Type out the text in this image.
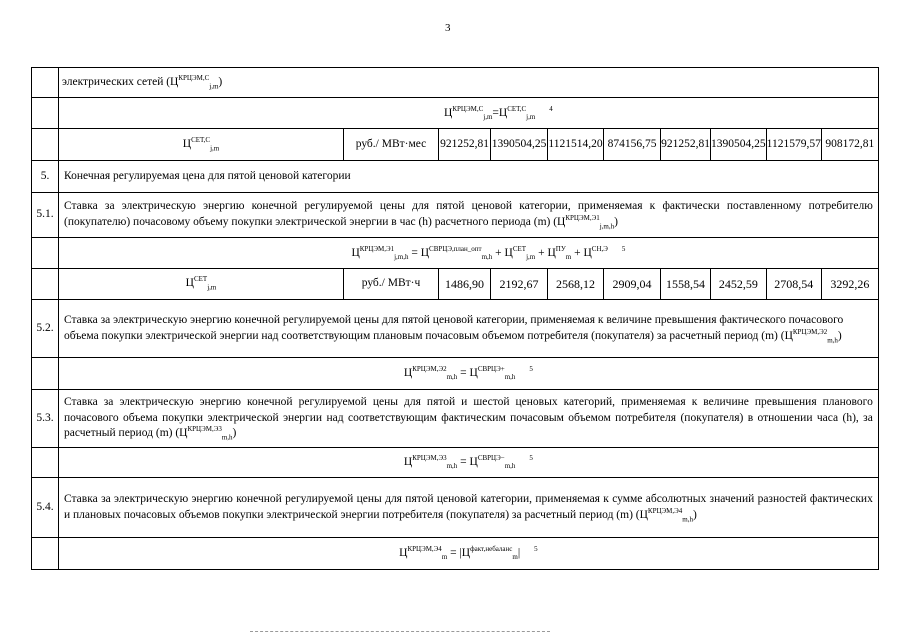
3
	электрических сетей $(Ц^{КРЦЭМ,С}_{j,m})$									
	$Ц^{КРЦЭМ,С}_{j,m}=Ц^{СЕТ,С}_{j,m}^4$
	$Ц^{СЕТ,С}_{j,m}$	руб./ МВт·мес	921252,81	1390504,25	1121514,20	874156,75	921252,81	1390504,25	1121579,57	908172,81
5.	Конечная регулируемая цена для пятой ценовой категории									
5.1.	Ставка за электрическую энергию конечной регулируемой цены для пятой ценовой категории, применяемая к фактически поставленному потребителю (покупателю) почасовому объему покупки электрической энергии в час (h) расчетного периода (m) $(Ц^{КРЦЭМ,Э1}_{j,m,h})$									
	$Ц^{КРЦЭМ,Э1}_{j,m,h} = Ц^{СВРЦЭ,план\_опт}_{m,h} + Ц^{СЕТ}_{j,m} + Ц^{ПУ}_m + Ц^{СН,Э}$ $^5$
	$Ц^{СЕТ}_{j,m}$	руб./ МВт·ч	1486,90	2192,67	2568,12	2909,04	1558,54	2452,59	2708,54	3292,26
5.2.	Ставка за электрическую энергию конечной регулируемой цены для пятой ценовой категории, применяемая к величине превышения фактического почасового объема покупки электрической энергии над соответствующим плановым почасовым объемом потребителя (покупателя) за расчетный период (m) $(Ц^{КРЦЭМ,Э2}_{m,h})$									
	$Ц^{КРЦЭМ,Э2}_{m,h} = Ц^{СВРЦЭ+}_{m,h}^5$
5.3.	Ставка за электрическую энергию конечной регулируемой цены для пятой и шестой ценовых категорий, применяемая к величине превышения планового почасового объема покупки электрической энергии над соответствующим фактическим почасовым объемом потребителя (покупателя) в отношении часа (h), за расчетный период (m) $(Ц^{КРЦЭМ,Э3}_{m,h})$									
	$Ц^{КРЦЭМ,Э3}_{m,h} = Ц^{СВРЦЭ-}_{m,h}^5$
5.4.	Ставка за электрическую энергию конечной регулируемой цены для пятой ценовой категории, применяемая к сумме абсолютных значений разностей фактических и плановых почасовых объемов покупки электрической энергии потребителя (покупателя) за расчетный период (m) $(Ц^{КРЦЭМ,Э4}_{m,h})$									
	$Ц^{КРЦЭМ,Э4}_m = |Ц^{факт,небаланс}_m|$ $^5$
